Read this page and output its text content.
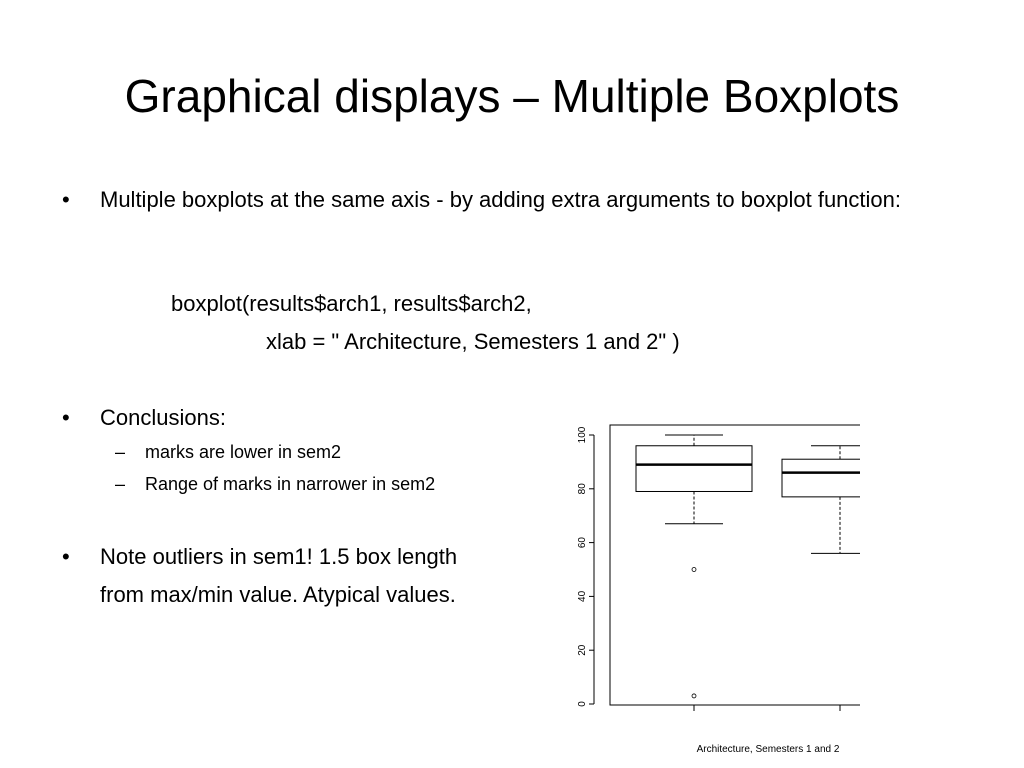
Graphical displays – Multiple Boxplots
• Multiple boxplots at the same axis - by adding extra arguments to boxplot function:
boxplot(results$arch1, results$arch2,
xlab = " Architecture, Semesters 1 and 2" )
• Conclusions:
– marks are lower in sem2
– Range of marks in narrower in sem2
• Note outliers in sem1! 1.5 box length
from max/min value. Atypical values.
0
20
40
60
80
100
Architecture, Semesters 1 and 2
